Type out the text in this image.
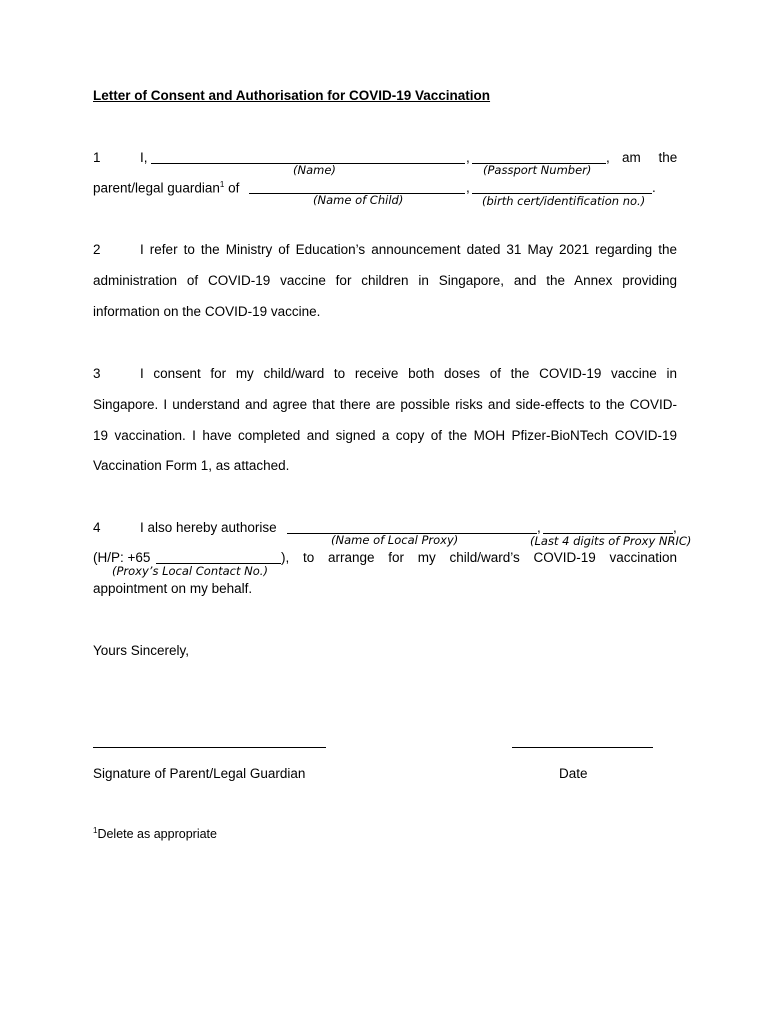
Letter of Consent and Authorisation for COVID-19 Vaccination
1	I,	,	, am the
(Name)	(Passport Number)
parent/legal guardian$^1$ of	,	.
(Name of Child)	(birth cert/identification no.)
2	I refer to the Ministry of Education’s announcement dated 31 May 2021 regarding the
administration of COVID-19 vaccine for children in Singapore, and the Annex providing
information on the COVID-19 vaccine.
3	I consent for my child/ward to receive both doses of the COVID-19 vaccine in
Singapore. I understand and agree that there are possible risks and side-effects to the COVID-
19 vaccination. I have completed and signed a copy of the MOH Pfizer-BioNTech COVID-19
Vaccination Form 1, as attached.
4	I also hereby authorise	,	,
(Name of Local Proxy)	(Last 4 digits of Proxy NRIC)
(H/P: +65	), to arrange for my child/ward’s COVID-19 vaccination
(Proxy’s Local Contact No.)
appointment on my behalf.
Yours Sincerely,
Signature of Parent/Legal Guardian	Date
$^1$Delete as appropriate
